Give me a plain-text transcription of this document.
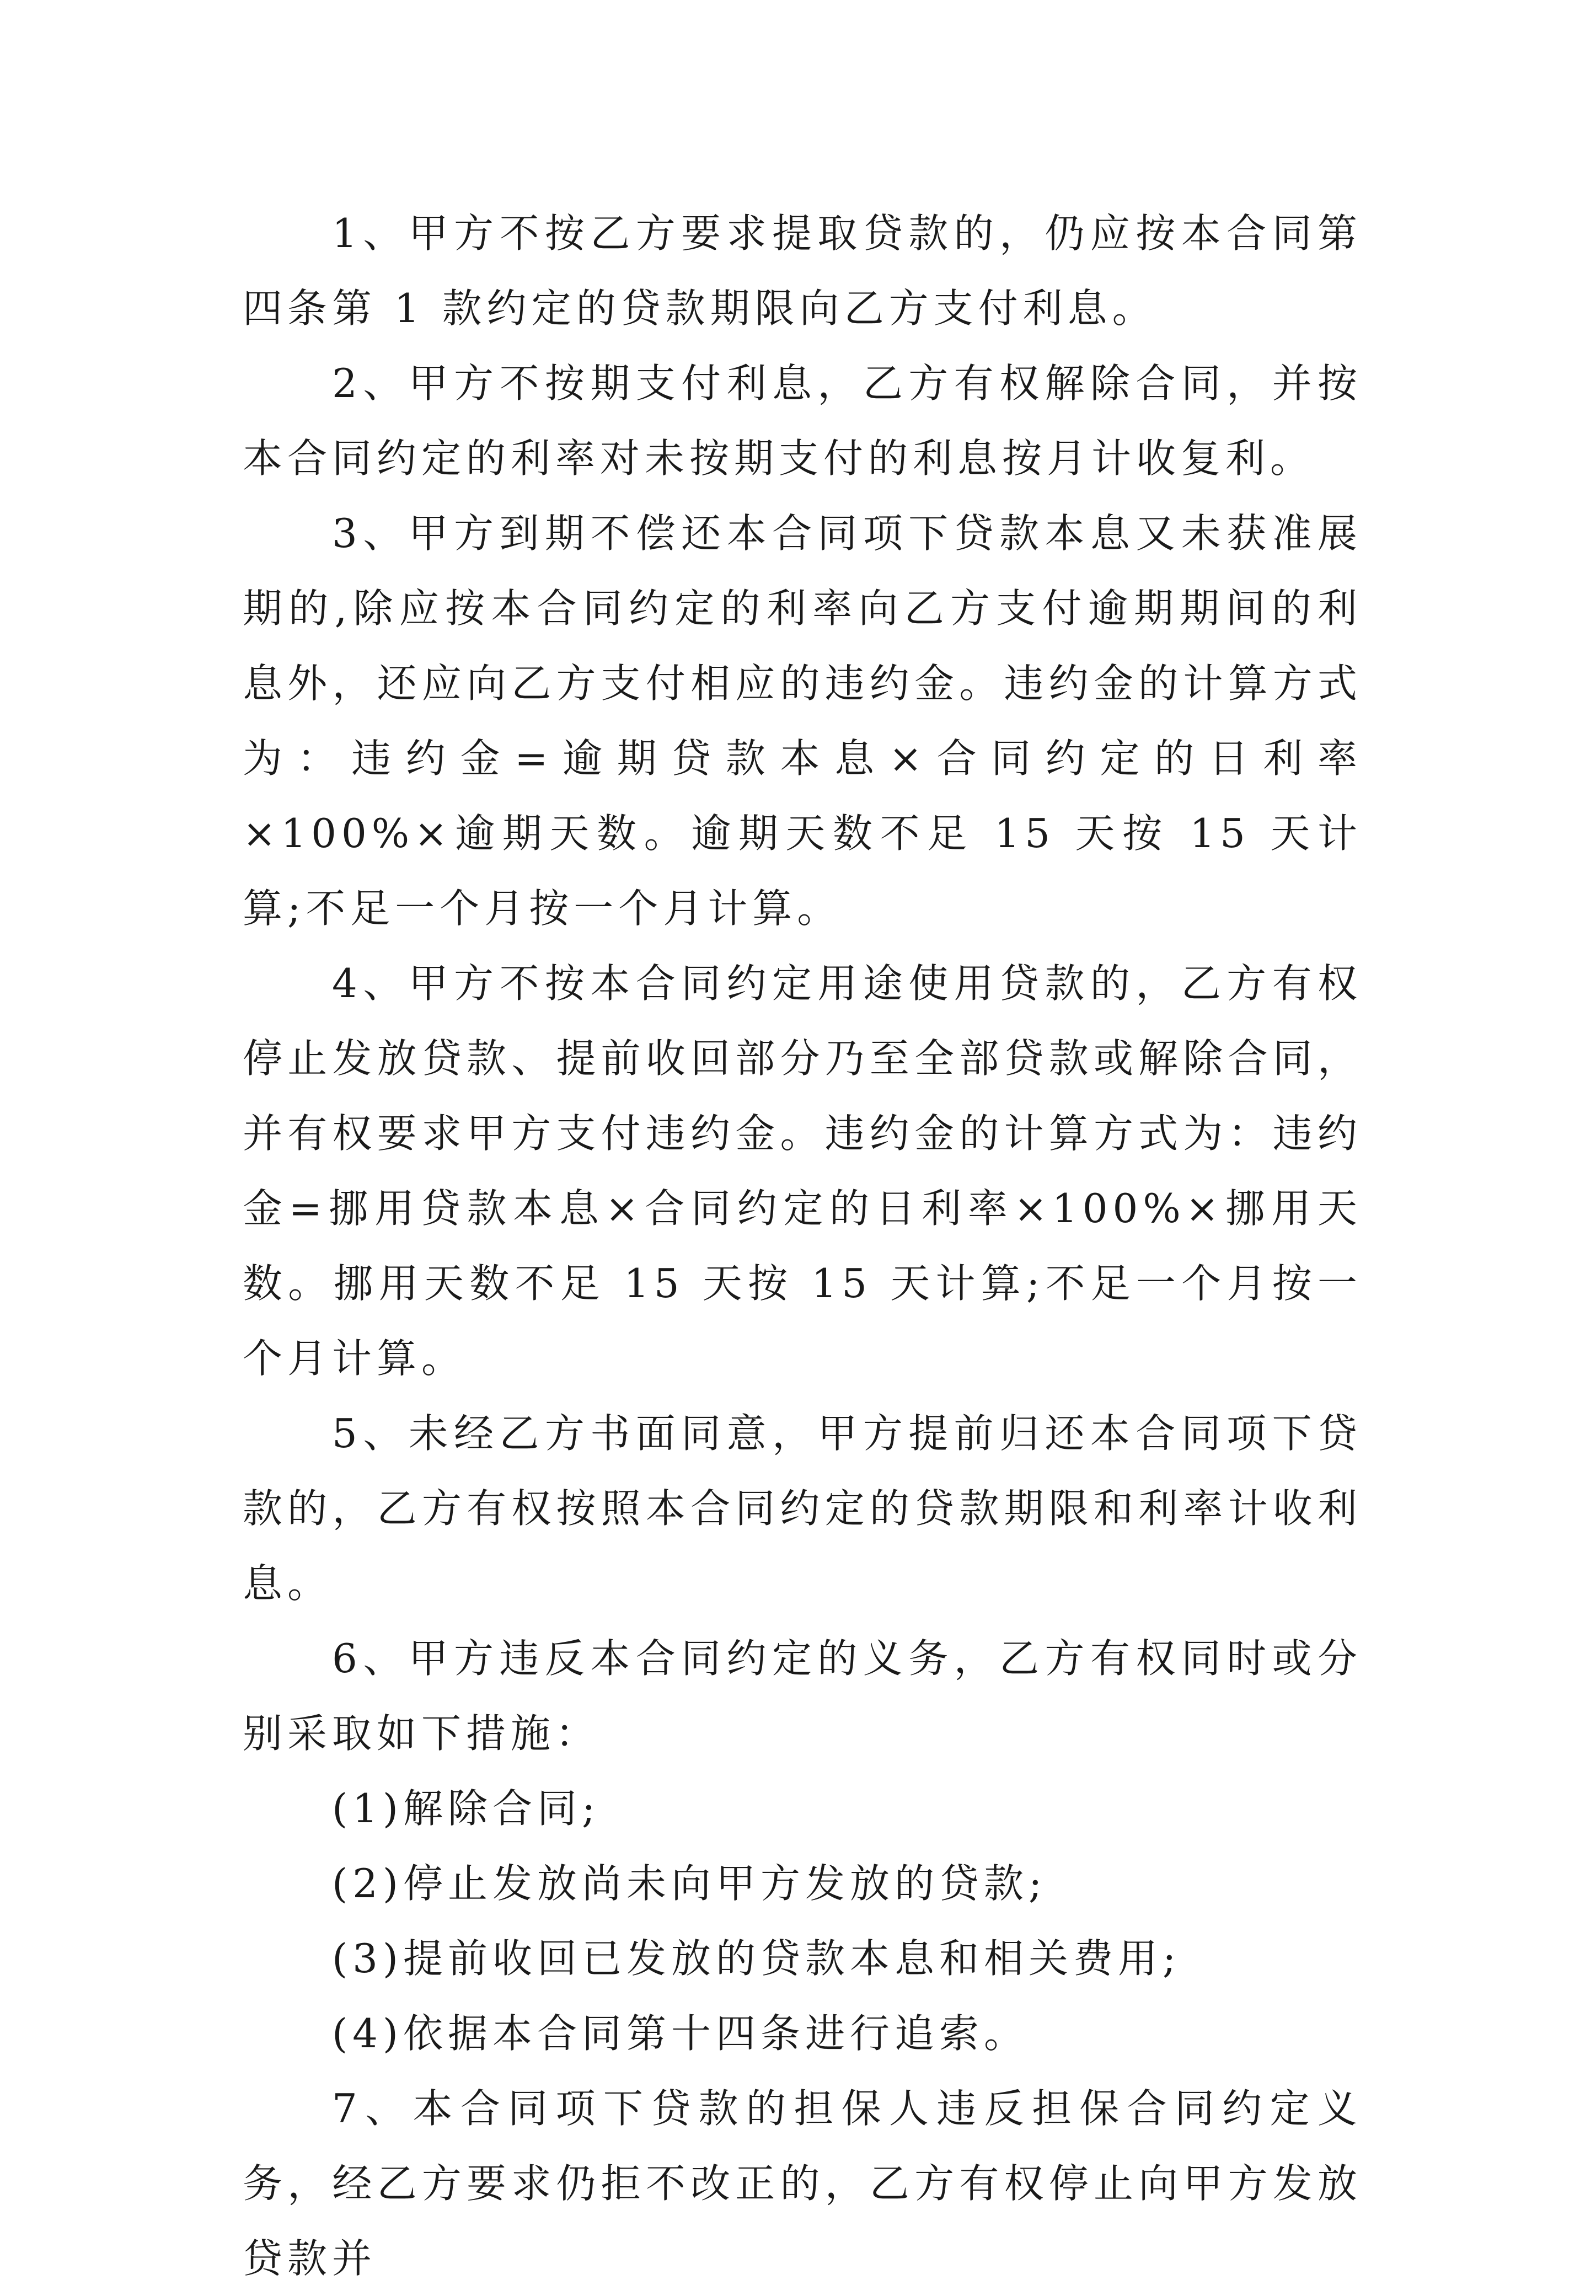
1、甲方不按乙方要求提取贷款的，仍应按本合同第四条第 1 款约定的贷款期限向乙方支付利息。

2、甲方不按期支付利息，乙方有权解除合同，并按本合同约定的利率对未按期支付的利息按月计收复利。

3、甲方到期不偿还本合同项下贷款本息又未获准展期的,除应按本合同约定的利率向乙方支付逾期期间的利息外，还应向乙方支付相应的违约金。违约金的计算方式为：违约金=逾期贷款本息×合同约定的日利率×100%×逾期天数。逾期天数不足 15 天按 15 天计算;不足一个月按一个月计算。

4、甲方不按本合同约定用途使用贷款的，乙方有权停止发放贷款、提前收回部分乃至全部贷款或解除合同，并有权要求甲方支付违约金。违约金的计算方式为：违约金=挪用贷款本息×合同约定的日利率×100%×挪用天数。挪用天数不足 15 天按 15 天计算;不足一个月按一个月计算。

5、未经乙方书面同意，甲方提前归还本合同项下贷款的，乙方有权按照本合同约定的贷款期限和利率计收利息。

6、甲方违反本合同约定的义务，乙方有权同时或分别采取如下措施：

(1)解除合同;

(2)停止发放尚未向甲方发放的贷款;

(3)提前收回已发放的贷款本息和相关费用;

(4)依据本合同第十四条进行追索。

7、本合同项下贷款的担保人违反担保合同约定义务，经乙方要求仍拒不改正的，乙方有权停止向甲方发放贷款并
